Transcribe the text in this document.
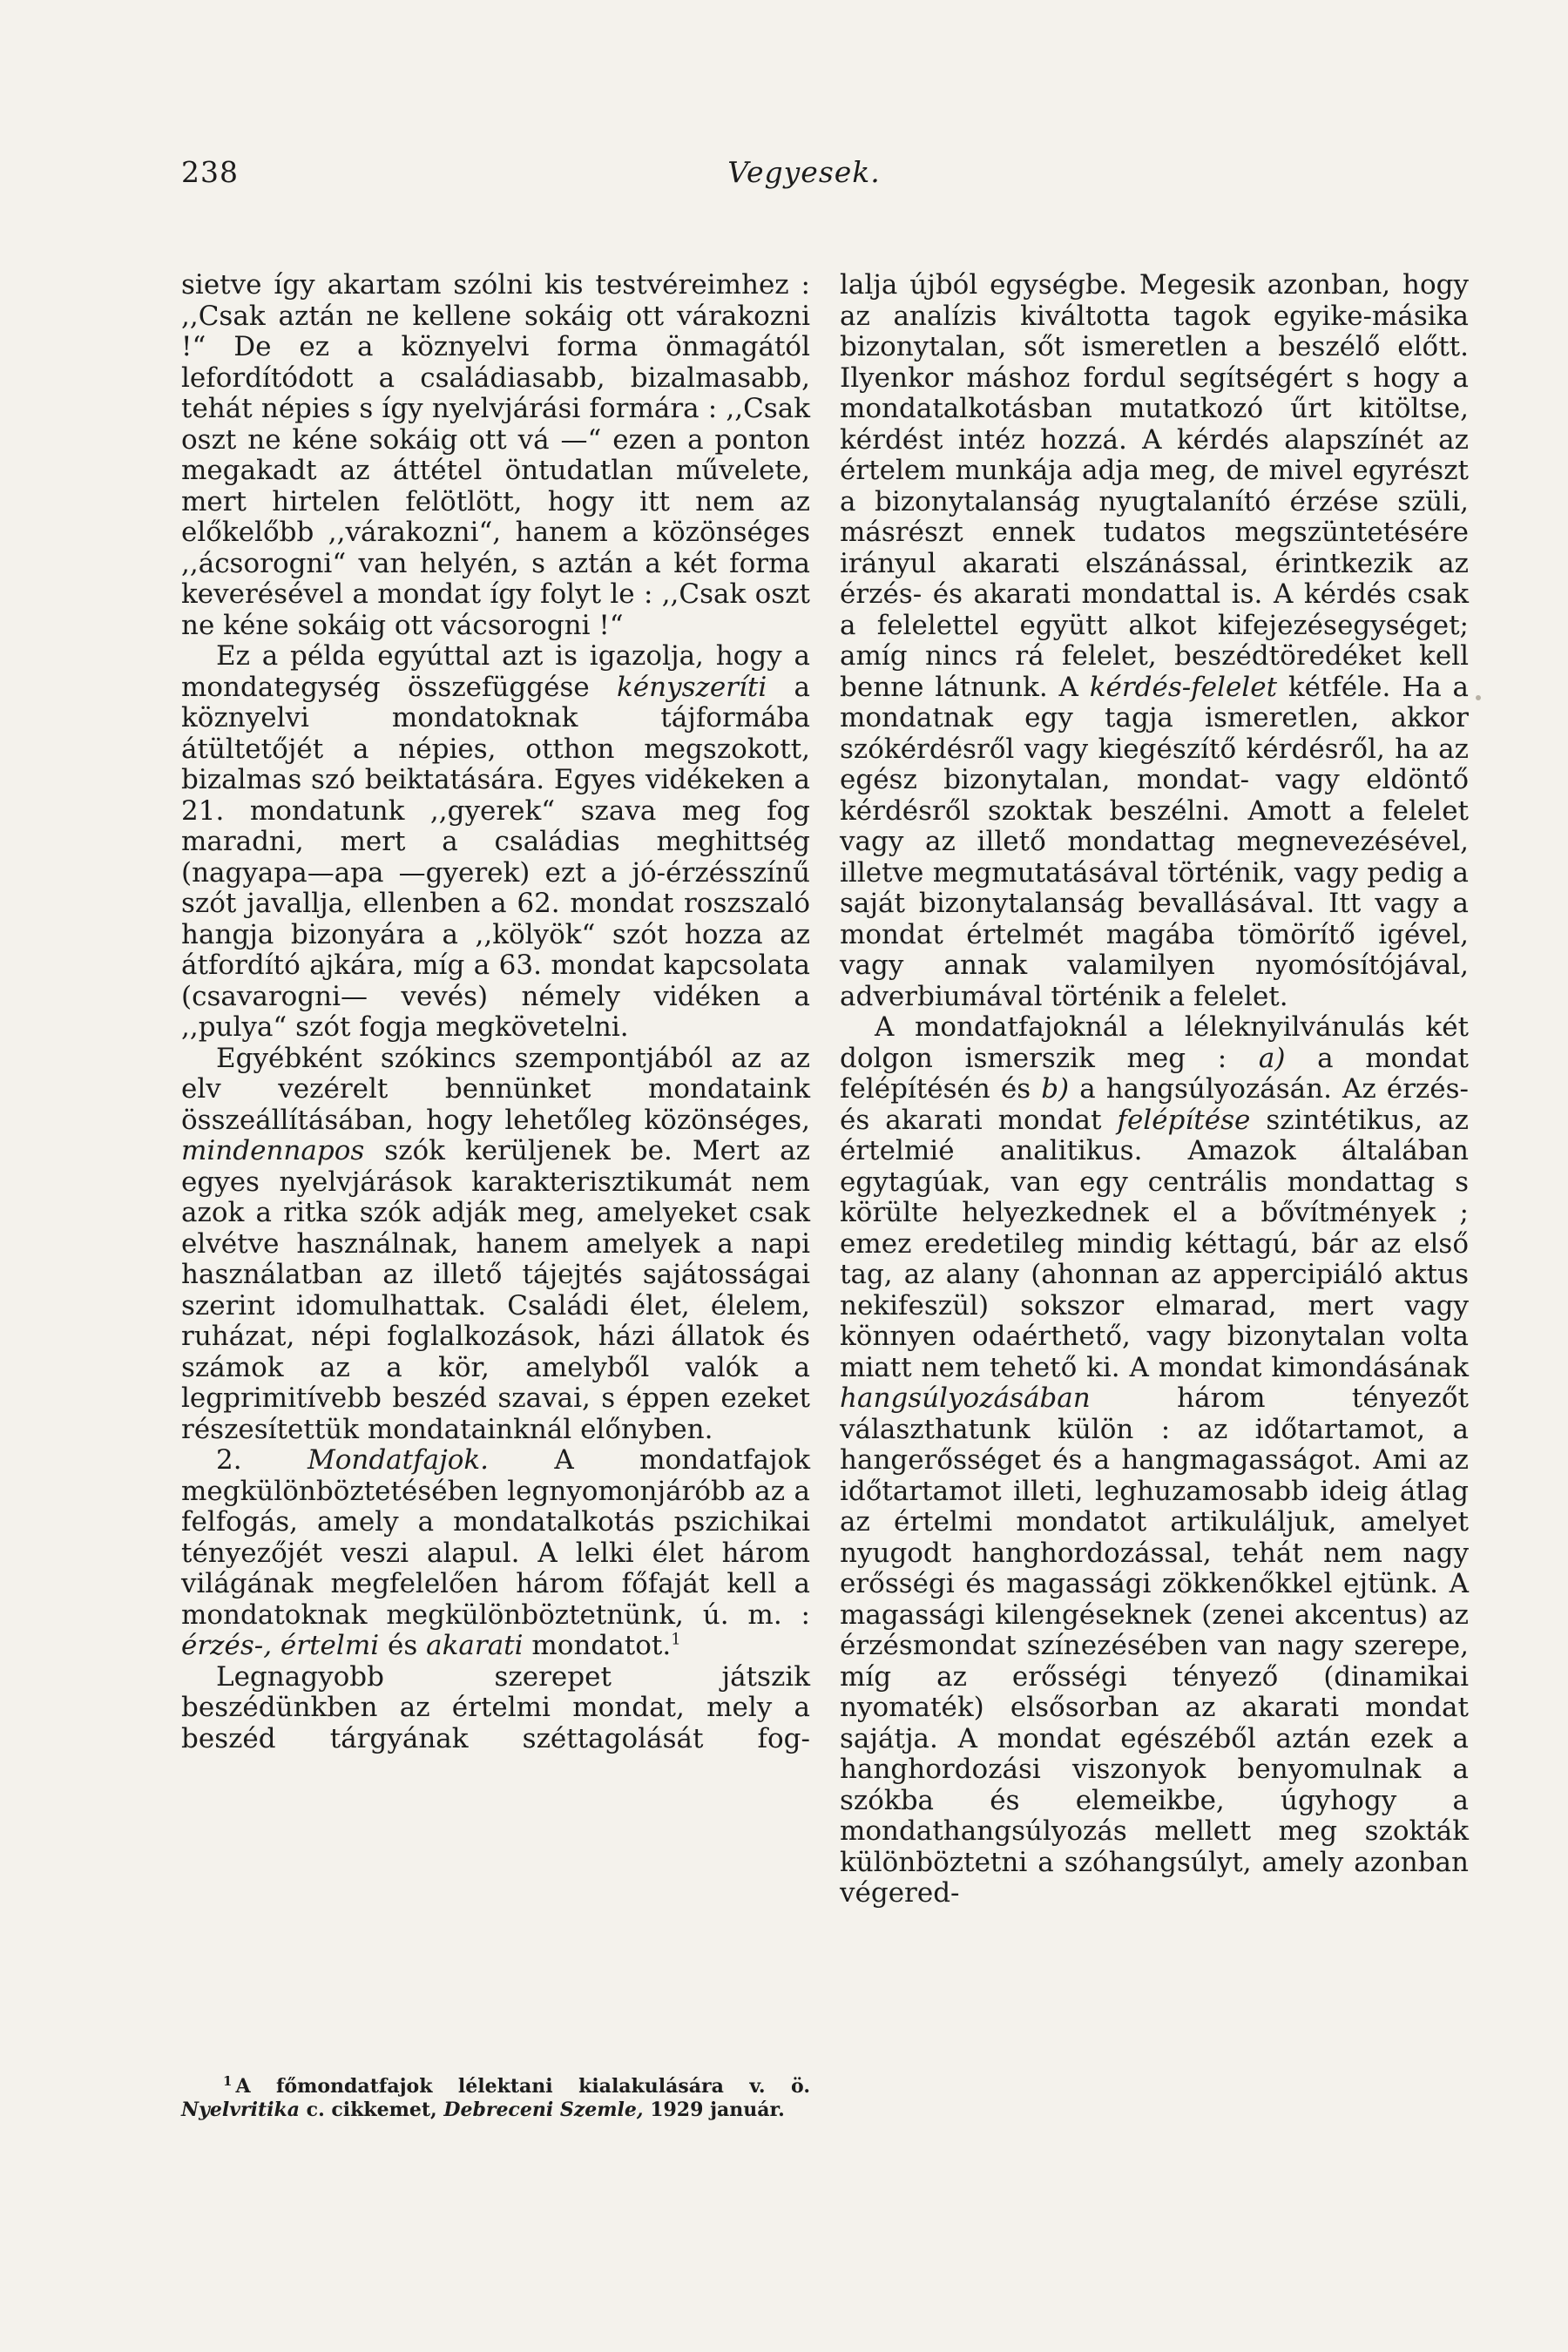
238	Vegyesek.

sietve így akartam szólni kis testvéreimhez : ,,Csak aztán ne kellene sokáig ott várakozni !“ De ez a köznyelvi forma önmagától lefordítódott a családiasabb, bizalmasabb, tehát népies s így nyelvjárási formára : ,,Csak oszt ne kéne sokáig ott vá —“ ezen a ponton megakadt az áttétel öntudatlan művelete, mert hirtelen felötlött, hogy itt nem az előkelőbb ,,várakozni“, hanem a közönséges ,,ácsorogni“ van helyén, s aztán a két forma keverésével a mondat így folyt le : ,,Csak oszt ne kéne sokáig ott vácsorogni !“

Ez a példa egyúttal azt is igazolja, hogy a mondategység összefüggése kényszeríti a köznyelvi mondatoknak tájformába átültetőjét a népies, otthon megszokott, bizalmas szó beiktatására. Egyes vidékeken a 21. mondatunk ,,gyerek“ szava meg fog maradni, mert a családias meghittség (nagyapa—apa —gyerek) ezt a jó-érzésszínű szót javallja, ellenben a 62. mondat roszszaló hangja bizonyára a ,,kölyök“ szót hozza az átfordító ajkára, míg a 63. mondat kapcsolata (csavarogni— vevés) némely vidéken a ,,pulya“ szót fogja megkövetelni.

Egyébként szókincs szempontjából az az elv vezérelt bennünket mondataink összeállításában, hogy lehetőleg közönséges, mindennapos szók kerüljenek be. Mert az egyes nyelvjárások karakterisztikumát nem azok a ritka szók adják meg, amelyeket csak elvétve használnak, hanem amelyek a napi használatban az illető tájejtés sajátosságai szerint idomulhattak. Családi élet, élelem, ruházat, népi foglalkozások, házi állatok és számok az a kör, amelyből valók a legprimitívebb beszéd szavai, s éppen ezeket részesítettük mondatainknál előnyben.

2. Mondatfajok. A mondatfajok megkülönböztetésében legnyomonjáróbb az a felfogás, amely a mondatalkotás pszichikai tényezőjét veszi alapul. A lelki élet három világának megfelelően három főfaját kell a mondatoknak megkülönböztetnünk, ú. m. : érzés-, értelmi és akarati mondatot.$^1$

Legnagyobb szerepet játszik beszédünkben az értelmi mondat, mely a beszéd tárgyának széttagolását fog-

lalja újból egységbe. Megesik azonban, hogy az analízis kiváltotta tagok egyike-másika bizonytalan, sőt ismeretlen a beszélő előtt. Ilyenkor máshoz fordul segítségért s hogy a mondatalkotásban mutatkozó űrt kitöltse, kérdést intéz hozzá. A kérdés alapszínét az értelem munkája adja meg, de mivel egyrészt a bizonytalanság nyugtalanító érzése szüli, másrészt ennek tudatos megszüntetésére irányul akarati elszánással, érintkezik az érzés- és akarati mondattal is. A kérdés csak a felelettel együtt alkot kifejezésegységet; amíg nincs rá felelet, beszédtöredéket kell benne látnunk. A kérdés-felelet kétféle. Ha a mondatnak egy tagja ismeretlen, akkor szókérdésről vagy kiegészítő kérdésről, ha az egész bizonytalan, mondat- vagy eldöntő kérdésről szoktak beszélni. Amott a felelet vagy az illető mondattag megnevezésével, illetve megmutatásával történik, vagy pedig a saját bizonytalanság bevallásával. Itt vagy a mondat értelmét magába tömörítő igével, vagy annak valamilyen nyomósítójával, adverbiumával történik a felelet.

A mondatfajoknál a léleknyilvánulás két dolgon ismerszik meg : a) a mondat felépítésén és b) a hangsúlyozásán. Az érzés- és akarati mondat felépítése szintétikus, az értelmié analitikus. Amazok általában egytagúak, van egy centrális mondattag s körülte helyezkednek el a bővítmények ; emez eredetileg mindig kéttagú, bár az első tag, az alany (ahonnan az appercipiáló aktus nekifeszül) sokszor elmarad, mert vagy könnyen odaérthető, vagy bizonytalan volta miatt nem tehető ki. A mondat kimondásának hangsúlyozásában	három tényezőt választhatunk külön : az időtartamot, a hangerősséget és a hangmagasságot. Ami az időtartamot illeti, leghuzamosabb ideig átlag az értelmi mondatot artikuláljuk, amelyet nyugodt hanghordozással, tehát nem nagy erősségi és magassági zökkenőkkel ejtünk. A magassági kilengéseknek (zenei akcentus) az érzésmondat színezésében van nagy szerepe, míg az erősségi tényező (dinamikai nyomaték) elsősorban az akarati mondat sajátja. A mondat egészéből aztán ezek a hanghordozási viszonyok benyomulnak a szókba és elemeikbe, úgyhogy a mondathangsúlyozás mellett meg szokták különböztetni a szóhangsúlyt, amely azonban végered-

$^1$ A főmondatfajok lélektani kialakulására v. ö. Nyelvritika c. cikkemet, Debreceni Szemle, 1929 január.
